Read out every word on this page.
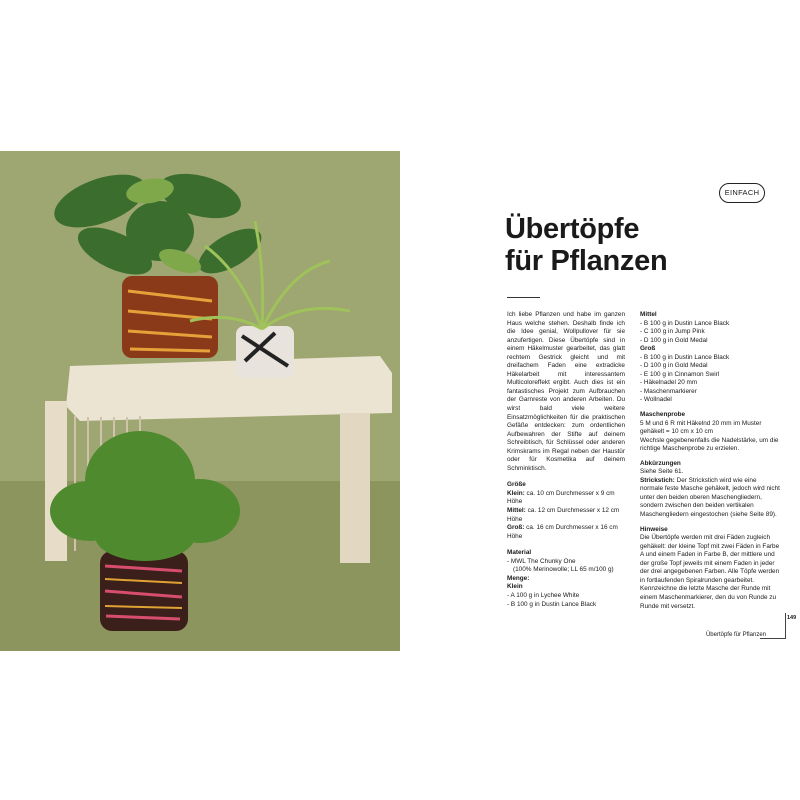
EINFACH
Übertöpfe
für Pflanzen

Ich liebe Pflanzen und habe im ganzen Haus welche stehen. Deshalb finde ich die Idee genial, Wollpullover für sie anzufertigen. Diese Übertöpfe sind in einem Häkelmuster gearbeitet, das glatt rechtem Gestrick gleicht und mit dreifachem Faden eine extradicke Häkelarbeit mit interessantem Multicoloreffekt ergibt. Auch dies ist ein fantastisches Projekt zum Aufbrauchen der Garnreste von anderen Arbeiten. Du wirst bald viele weitere Einsatzmöglichkeiten für die praktischen Gefäße entdecken: zum ordentlichen Aufbewahren der Stifte auf deinem Schreibtisch, für Schlüssel oder anderen Krimskrams im Regal neben der Haustür oder für Kosmetika auf deinem Schminktisch.

Größe

Klein: ca. 10 cm Durchmesser x 9 cm Höhe

Mittel: ca. 12 cm Durchmesser x 12 cm Höhe

Groß: ca. 16 cm Durchmesser x 16 cm Höhe

Material

- MWL The Chunky One

(100% Merinowolle; LL 65 m/100 g)

Menge:

Klein

- A 100 g in Lychee White

- B 100 g in Dustin Lance Black

Mittel

- B 100 g in Dustin Lance Black

- C 100 g in Jump Pink

- D 100 g in Gold Medal

Groß

- B 100 g in Dustin Lance Black

- D 100 g in Gold Medal

- E 100 g in Cinnamon Swirl

- Häkelnadel 20 mm

- Maschenmarkierer

- Wollnadel

Maschenprobe

5 M und 6 R mit Häkelnd 20 mm im Muster gehäkelt = 10 cm x 10 cm

Wechsle gegebenenfalls die Nadelstärke, um die richtige Maschenprobe zu erzielen.

Abkürzungen

Siehe Seite 61.

Strickstich: Der Strickstich wird wie eine normale feste Masche gehäkelt, jedoch wird nicht unter den beiden oberen Maschengliedern, sondern zwischen den beiden vertikalen Maschengliedern eingestochen (siehe Seite 89).

Hinweise

Die Übertöpfe werden mit drei Fäden zugleich gehäkelt: der kleine Topf mit zwei Fäden in Farbe A und einem Faden in Farbe B, der mittlere und der große Topf jeweils mit einem Faden in jeder der drei angegebenen Farben. Alle Töpfe werden in fortlaufenden Spiralrunden gearbeitet. Kennzeichne die letzte Masche der Runde mit einem Maschenmarkierer, den du von Runde zu Runde mit versetzt.

149
Übertöpfe für Pflanzen
